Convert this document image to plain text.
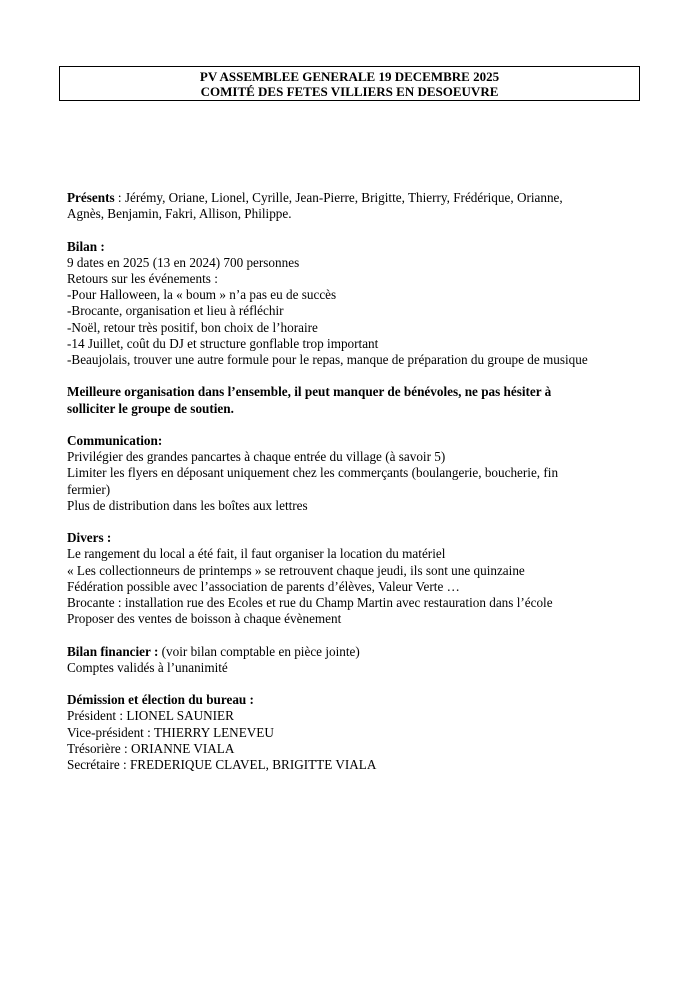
PV ASSEMBLEE GENERALE 19 DECEMBRE 2025
COMITÉ DES FETES VILLIERS EN DESOEUVRE
Présents : Jérémy, Oriane, Lionel, Cyrille, Jean-Pierre, Brigitte, Thierry, Frédérique, Orianne,
Agnès, Benjamin, Fakri, Allison, Philippe.
Bilan :
9 dates en 2025 (13 en 2024) 700 personnes
Retours sur les événements :
-Pour Halloween, la « boum » n’a pas eu de succès
-Brocante, organisation et lieu à réfléchir
-Noël, retour très positif, bon choix de l’horaire
-14 Juillet, coût du DJ et structure gonflable trop important
-Beaujolais, trouver une autre formule pour le repas, manque de préparation du groupe de musique
Meilleure organisation dans l’ensemble, il peut manquer de bénévoles, ne pas hésiter à
solliciter le groupe de soutien.
Communication:
Privilégier des grandes pancartes à chaque entrée du village (à savoir 5)
Limiter les flyers en déposant uniquement chez les commerçants (boulangerie, boucherie, fin
fermier)
Plus de distribution dans les boîtes aux lettres
Divers :
Le rangement du local a été fait, il faut organiser la location du matériel
« Les collectionneurs de printemps » se retrouvent chaque jeudi, ils sont une quinzaine
Fédération possible avec l’association de parents d’élèves, Valeur Verte …
Brocante : installation rue des Ecoles et rue du Champ Martin avec restauration dans l’école
Proposer des ventes de boisson à chaque évènement
Bilan financier : (voir bilan comptable en pièce jointe)
Comptes validés à l’unanimité
Démission et élection du bureau :
Président : LIONEL SAUNIER
Vice-président : THIERRY LENEVEU
Trésorière : ORIANNE VIALA
Secrétaire : FREDERIQUE CLAVEL, BRIGITTE VIALA
